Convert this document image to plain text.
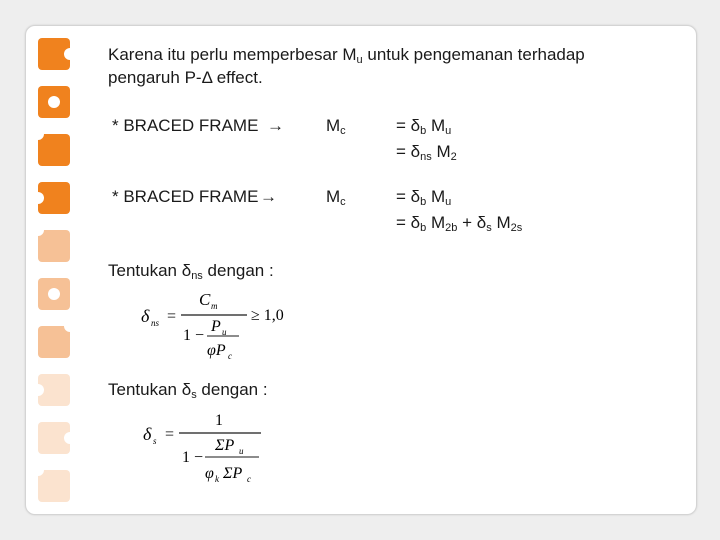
Karena itu perlu memperbesar $M_u$ untuk pengemanan terhadap
pengaruh P-Δ effect.
* BRACED FRAME → $M_c$	= $\delta_b$ $M_u$
= $\delta_{ns}$ $M_2$
* BRACED FRAME →	$M_c$	= $\delta_b$ $M_u$
= $\delta_b$ $M_{2b} + \delta_s$ $M_{2s}$
Tentukan $\delta_{ns}$ dengan :
δ ns =
C m
1 −
P u
φP c
≥ 1,0
Tentukan $\delta_s$ dengan :
δ s =
1
1 −
ΣP u
φ k ΣP c
